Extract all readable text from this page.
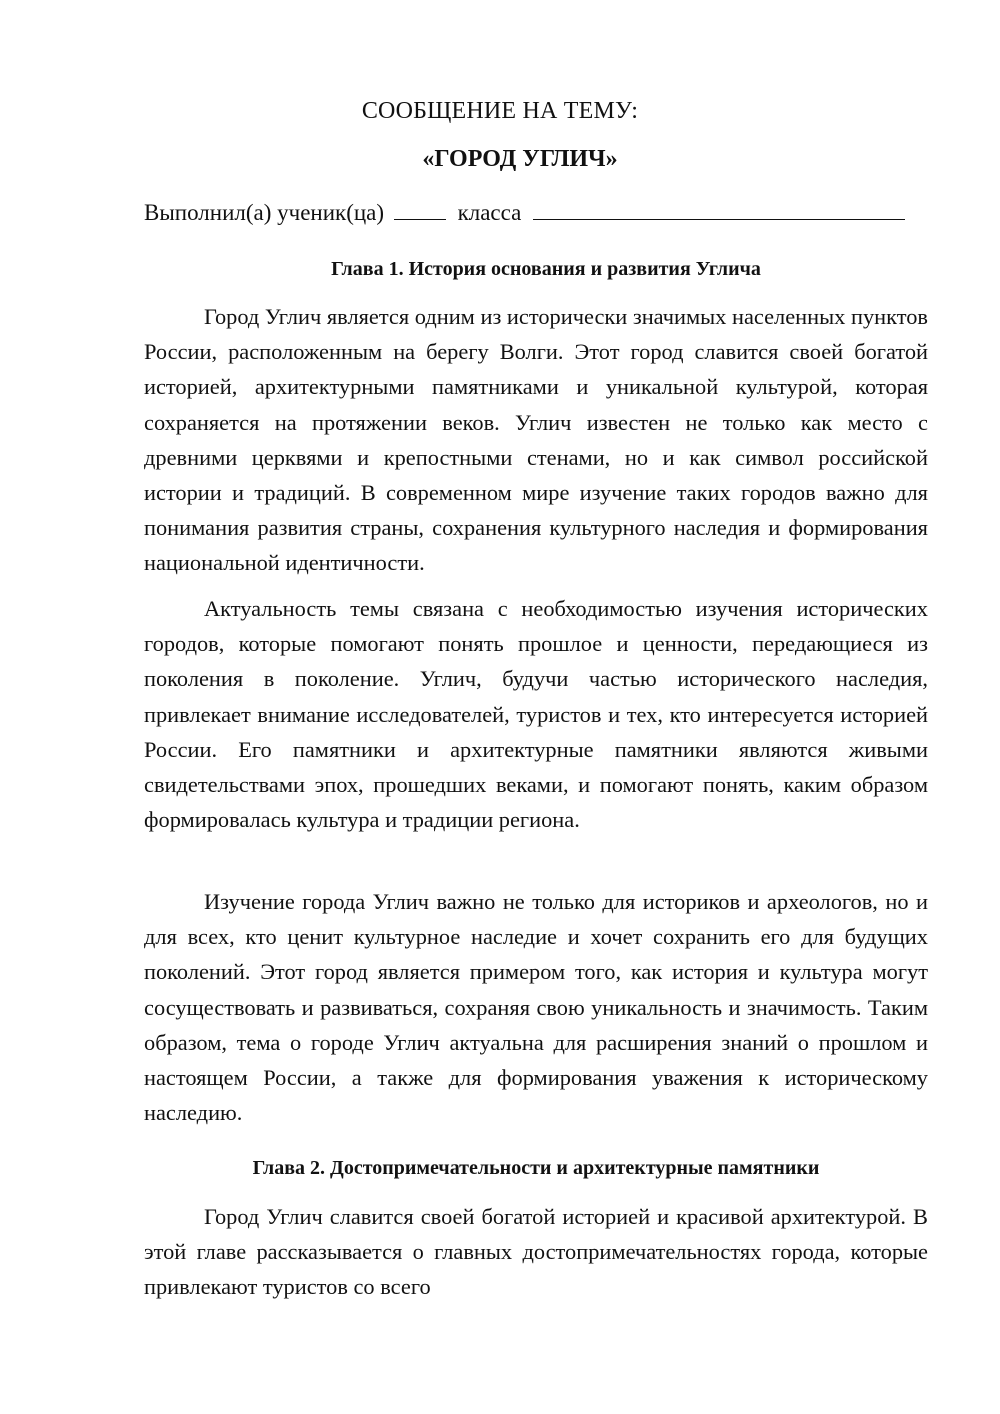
СООБЩЕНИЕ НА ТЕМУ:
«ГОРОД УГЛИЧ»
Выполнил(а) ученик(ца)	класса
Глава 1. История основания и развития Углича

Город Углич является одним из исторически значимых населенных пунктов России, расположенным на берегу Волги. Этот город славится своей богатой историей, архитектурными памятниками и уникальной культурой, которая сохраняется на протяжении веков. Углич известен не только как место с древними церквями и крепостными стенами, но и как символ российской истории и традиций. В современном мире изучение таких городов важно для понимания развития страны, сохранения культурного наследия и формирования национальной идентичности.

Актуальность темы связана с необходимостью изучения исторических городов, которые помогают понять прошлое и ценности, передающиеся из поколения в поколение. Углич, будучи частью исторического наследия, привлекает внимание исследователей, туристов и тех, кто интересуется историей России. Его памятники и архитектурные памятники являются живыми свидетельствами эпох, прошедших веками, и помогают понять, каким образом формировалась культура и традиции региона.

Изучение города Углич важно не только для историков и археологов, но и для всех, кто ценит культурное наследие и хочет сохранить его для будущих поколений. Этот город является примером того, как история и культура могут сосуществовать и развиваться, сохраняя свою уникальность и значимость. Таким образом, тема о городе Углич актуальна для расширения знаний о прошлом и настоящем России, а также для формирования уважения к историческому наследию.

Глава 2. Достопримечательности и архитектурные памятники

Город Углич славится своей богатой историей и красивой архитектурой. В этой главе рассказывается о главных достопримечательностях города, которые привлекают туристов со всего
